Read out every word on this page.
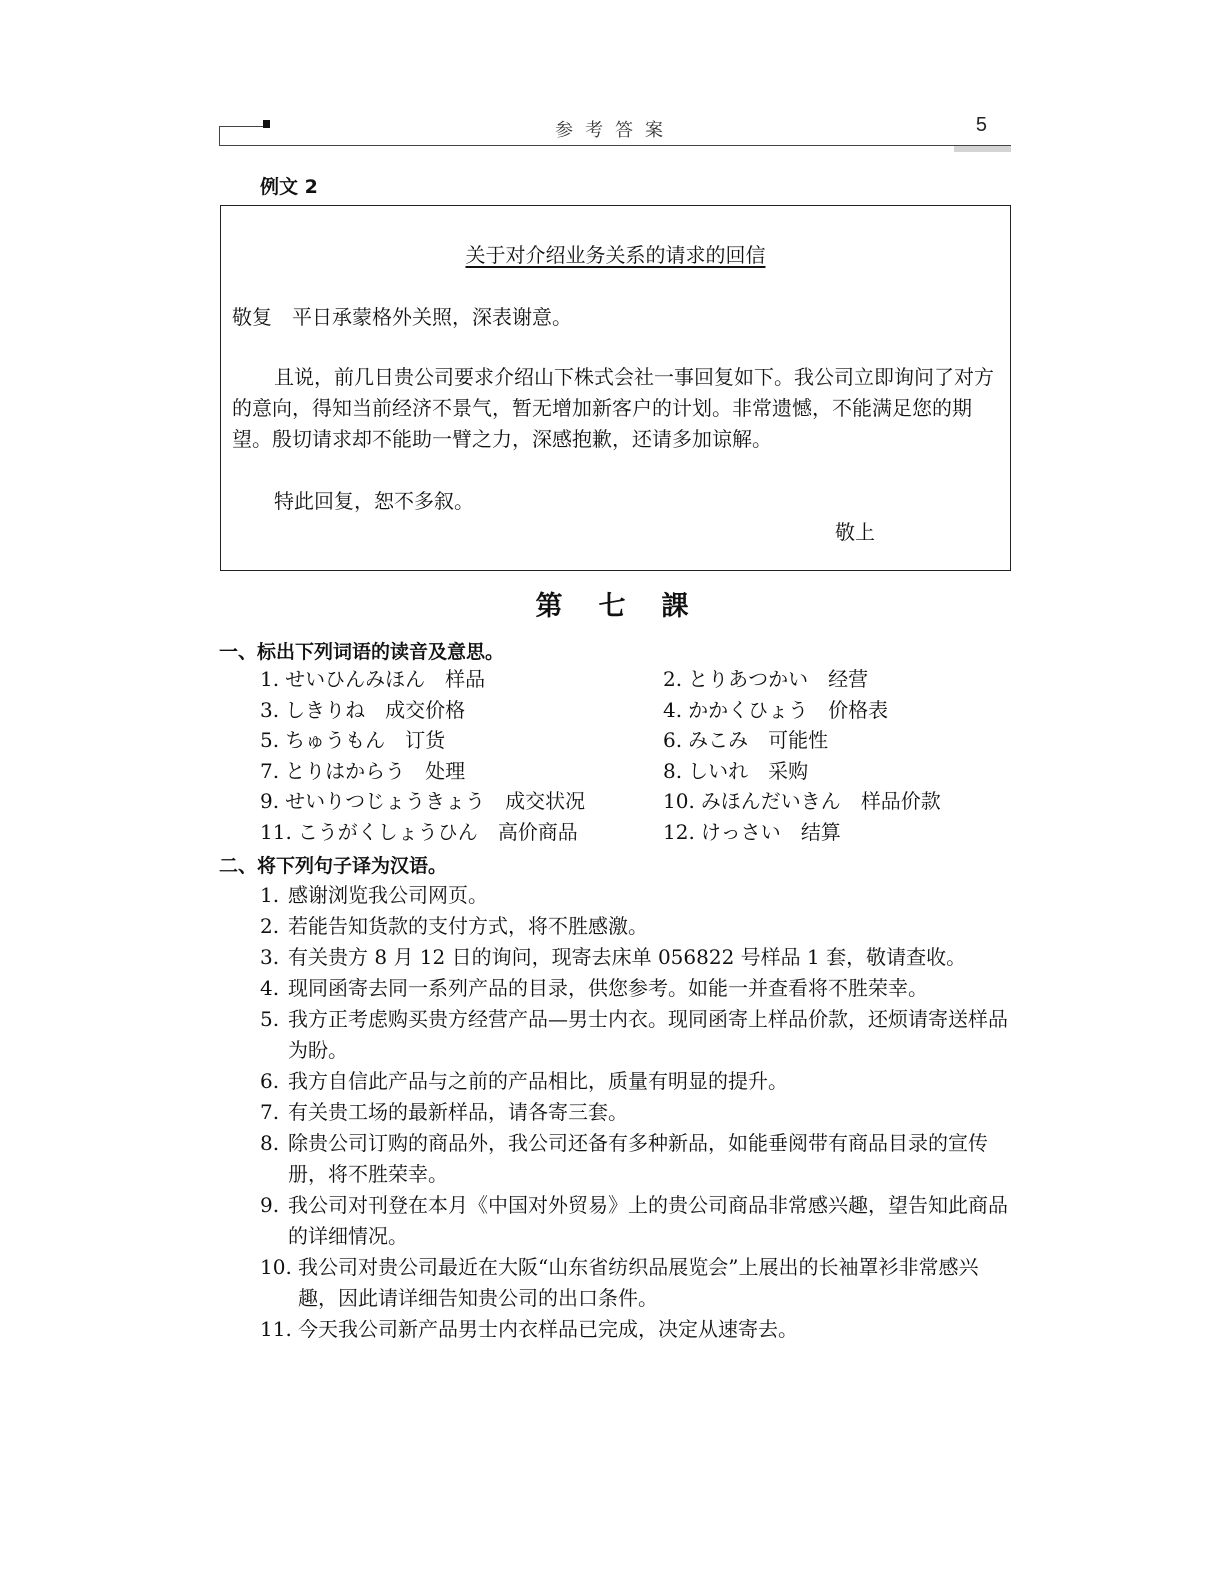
参考答案	5
例文 2
关于对介绍业务关系的请求的回信
敬复　平日承蒙格外关照，深表谢意。
且说，前几日贵公司要求介绍山下株式会社一事回复如下。我公司立即询问了对方的意向，得知当前经济不景气，暂无增加新客户的计划。非常遗憾，不能满足您的期望。殷切请求却不能助一臂之力，深感抱歉，还请多加谅解。
特此回复，恕不多叙。
敬上
第七課
一、标出下列词语的读音及意思。
1. せいひんみほん 样品	2. とりあつかい 经营
3. しきりね 成交价格	4. かかくひょう 价格表
5. ちゅうもん 订货	6. みこみ 可能性
7. とりはからう 处理	8. しいれ 采购
9. せいりつじょうきょう 成交状况	10. みほんだいきん 样品价款
11. こうがくしょうひん 高价商品	12. けっさい 结算
二、将下列句子译为汉语。
1. 感谢浏览我公司网页。
2. 若能告知货款的支付方式，将不胜感激。
3. 有关贵方 8 月 12 日的询问，现寄去床单 056822 号样品 1 套，敬请查收。
4. 现同函寄去同一系列产品的目录，供您参考。如能一并查看将不胜荣幸。
5. 我方正考虑购买贵方经营产品—男士内衣。现同函寄上样品价款，还烦请寄送样品为盼。
6. 我方自信此产品与之前的产品相比，质量有明显的提升。
7. 有关贵工场的最新样品，请各寄三套。
8. 除贵公司订购的商品外，我公司还备有多种新品，如能垂阅带有商品目录的宣传册，将不胜荣幸。
9. 我公司对刊登在本月《中国对外贸易》上的贵公司商品非常感兴趣，望告知此商品的详细情况。
10. 我公司对贵公司最近在大阪“山东省纺织品展览会”上展出的长袖罩衫非常感兴趣，因此请详细告知贵公司的出口条件。
11. 今天我公司新产品男士内衣样品已完成，决定从速寄去。
